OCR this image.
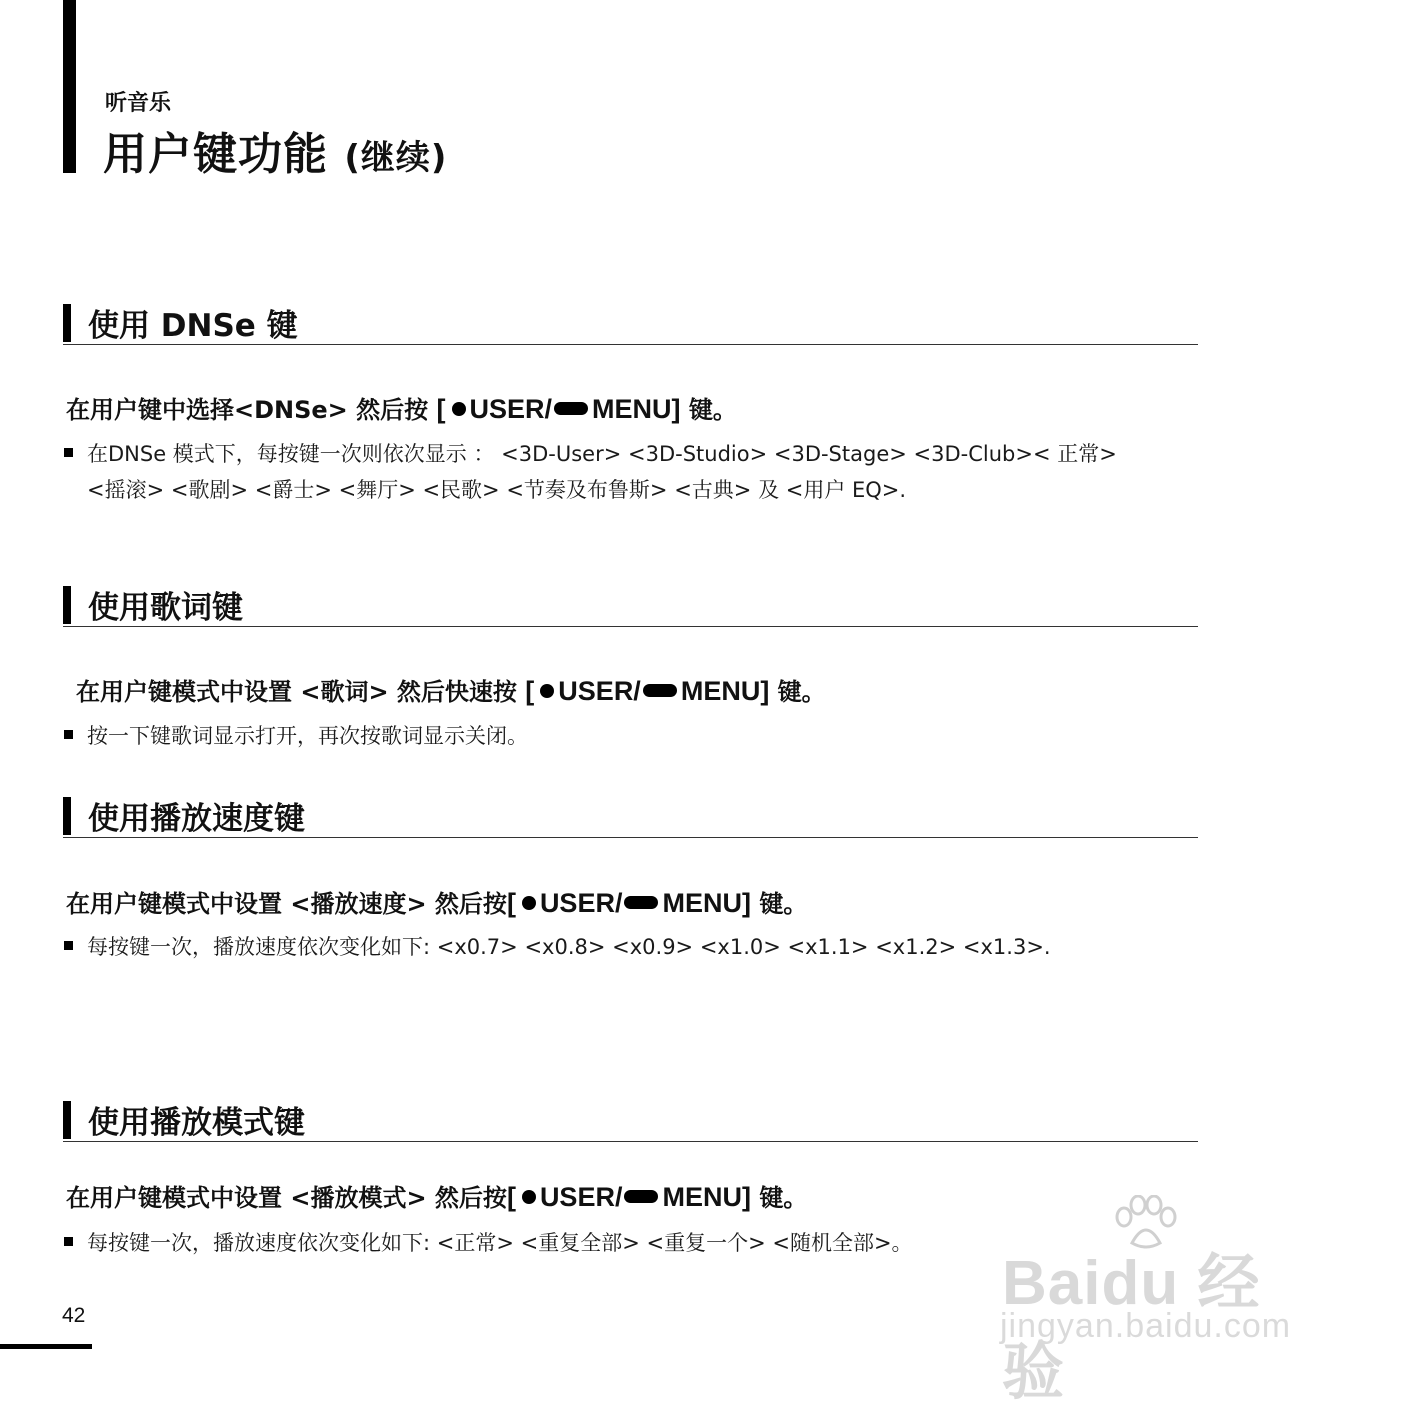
听音乐
用户键功能 (继续)
使用 DNSe 键
在用户键中选择<DNSe> 然后按 [ USER/ MENU] 键。
在DNSe 模式下，每按键一次则依次显示 ： <3D-User> <3D-Studio> <3D-Stage> <3D-Club>< 正常>
<摇滚> <歌剧> <爵士> <舞厅> <民歌> <节奏及布鲁斯> <古典> 及 <用户 EQ>.
使用歌词键
在用户键模式中设置 <歌词> 然后快速按 [ USER/ MENU] 键。
按一下键歌词显示打开，再次按歌词显示关闭。
使用播放速度键
在用户键模式中设置 <播放速度> 然后按[ USER/ MENU] 键。
每按键一次，播放速度依次变化如下: <x0.7> <x0.8> <x0.9> <x1.0> <x1.1> <x1.2> <x1.3>.
使用播放模式键
在用户键模式中设置 <播放模式> 然后按[ USER/ MENU] 键。
每按键一次，播放速度依次变化如下: <正常> <重复全部> <重复一个> <随机全部>。
42	Baidu 经验
jingyan.baidu.com
